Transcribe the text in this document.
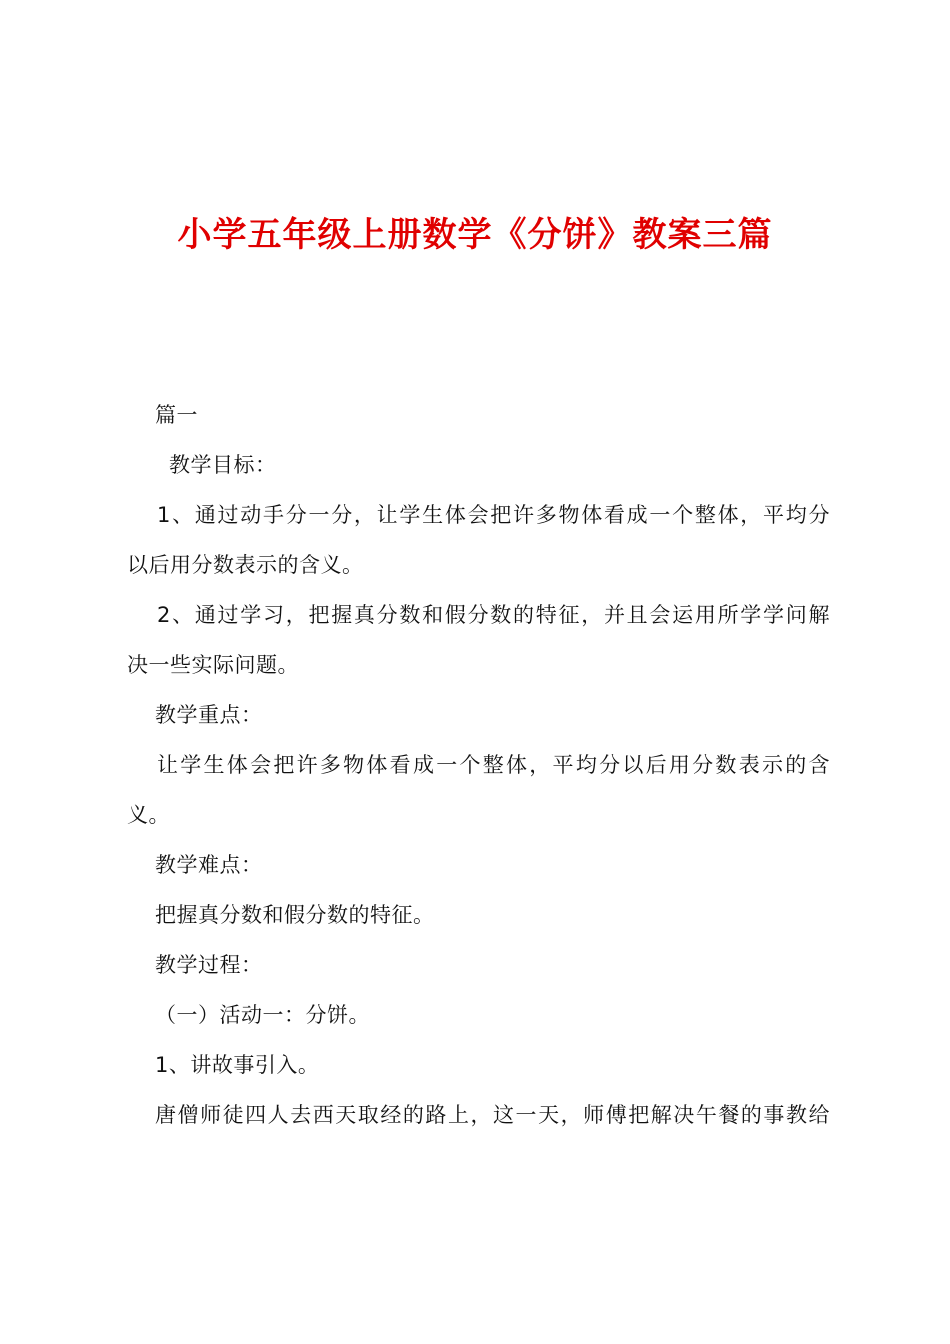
小学五年级上册数学《分饼》教案三篇
篇一
教学目标：
1、通过动手分一分，让学生体会把许多物体看成一个整体，平均分
以后用分数表示的含义。
2、通过学习，把握真分数和假分数的特征，并且会运用所学学问解
决一些实际问题。
教学重点：
让学生体会把许多物体看成一个整体，平均分以后用分数表示的含
义。
教学难点：
把握真分数和假分数的特征。
教学过程：
（一）活动一：分饼。
1、讲故事引入。
唐僧师徒四人去西天取经的路上，这一天，师傅把解决午餐的事教给
